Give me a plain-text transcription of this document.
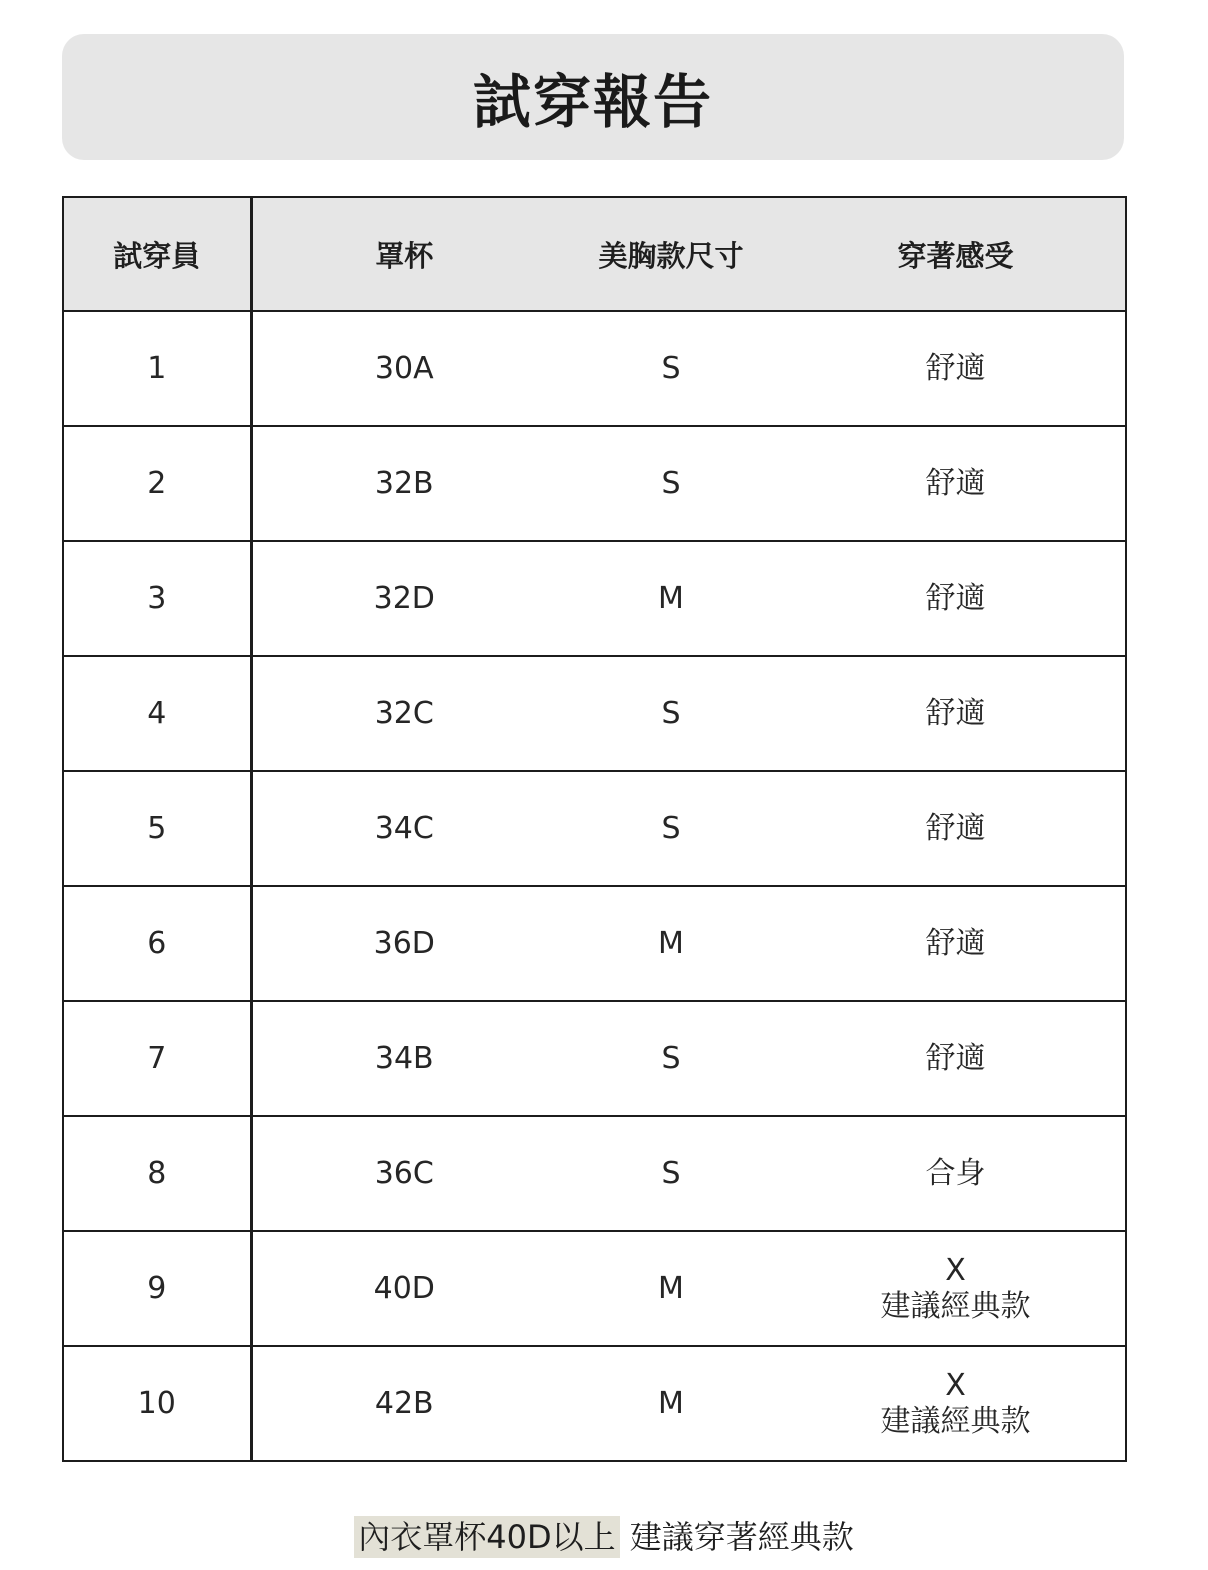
試穿報告
試穿員	罩杯	美胸款尺寸	穿著感受
1	30A	S	舒適

2	32B	S	舒適

3	32D	M	舒適

4	32C	S	舒適

5	34C	S	舒適

6	36D	M	舒適

7	34B	S	舒適

8	36C	S	合身

9	40D	M	X
建議經典款

10	42B	M	X
建議經典款
內衣罩杯40D以上 建議穿著經典款
